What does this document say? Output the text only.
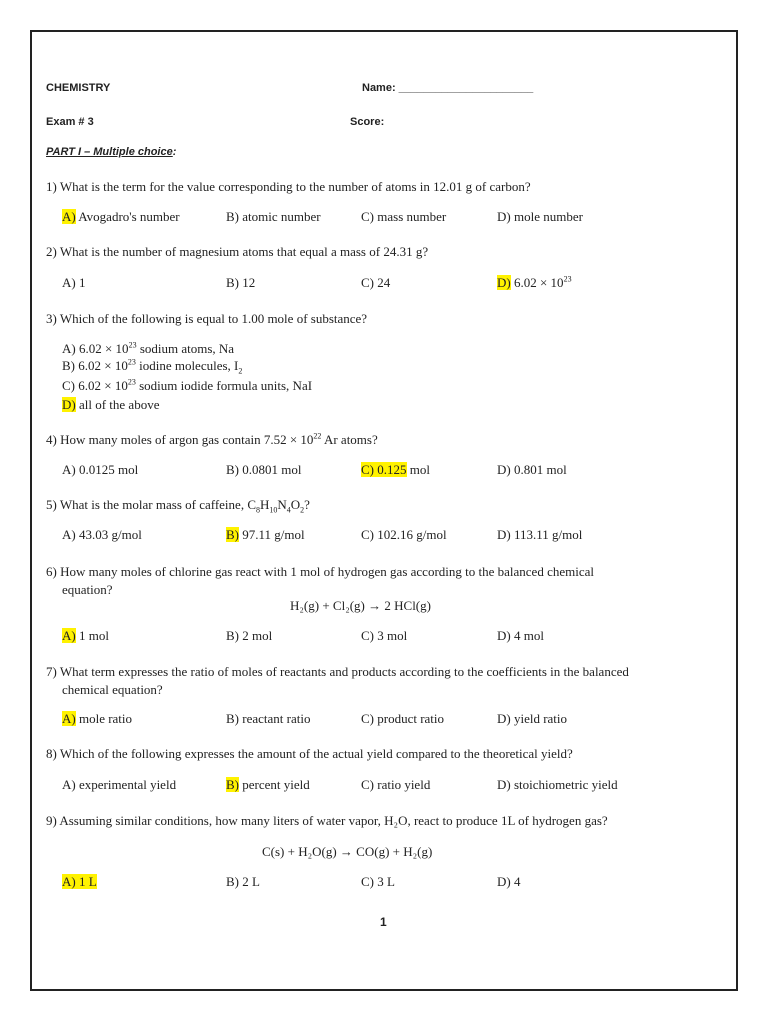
CHEMISTRY	Name: ______________________
Exam # 3	Score:
PART I – Multiple choice:
1) What is the term for the value corresponding to the number of atoms in 12.01 g of carbon?
A) Avogadro's number	B) atomic number	C) mass number	D) mole number
2) What is the number of magnesium atoms that equal a mass of 24.31 g?
A) 1	B) 12	C) 24	D) $6.02 \times 10^{23}$
3) Which of the following is equal to 1.00 mole of substance?
A) $6.02 \times 10^{23}$ sodium atoms, Na
B) $6.02 \times 10^{23}$ iodine molecules, $I_2$
C) $6.02 \times 10^{23}$ sodium iodide formula units, NaI
D) all of the above
4) How many moles of argon gas contain $7.52 \times 10^{22}$ Ar atoms?
A) 0.0125 mol	B) 0.0801 mol	C) 0.125 mol	D) 0.801 mol
5) What is the molar mass of caffeine, $C_8H_{10}N_4O_2$?
A) 43.03 g/mol	B) 97.11 g/mol	C) 102.16 g/mol	D) 113.11 g/mol
6) How many moles of chlorine gas react with 1 mol of hydrogen gas according to the balanced chemical
equation?
H₂(g) + Cl₂(g) → 2 HCl(g)
A) 1 mol	B) 2 mol	C) 3 mol	D) 4 mol
7) What term expresses the ratio of moles of reactants and products according to the coefficients in the balanced
chemical equation?
A) mole ratio	B) reactant ratio	C) product ratio	D) yield ratio
8) Which of the following expresses the amount of the actual yield compared to the theoretical yield?
A) experimental yield	B) percent yield	C) ratio yield	D) stoichiometric yield
9) Assuming similar conditions, how many liters of water vapor, H₂O, react to produce 1L of hydrogen gas?
C(s) + H₂O(g) → CO(g) + H₂(g)
A) 1 L	B) 2 L	C) 3 L	D) 4
1
